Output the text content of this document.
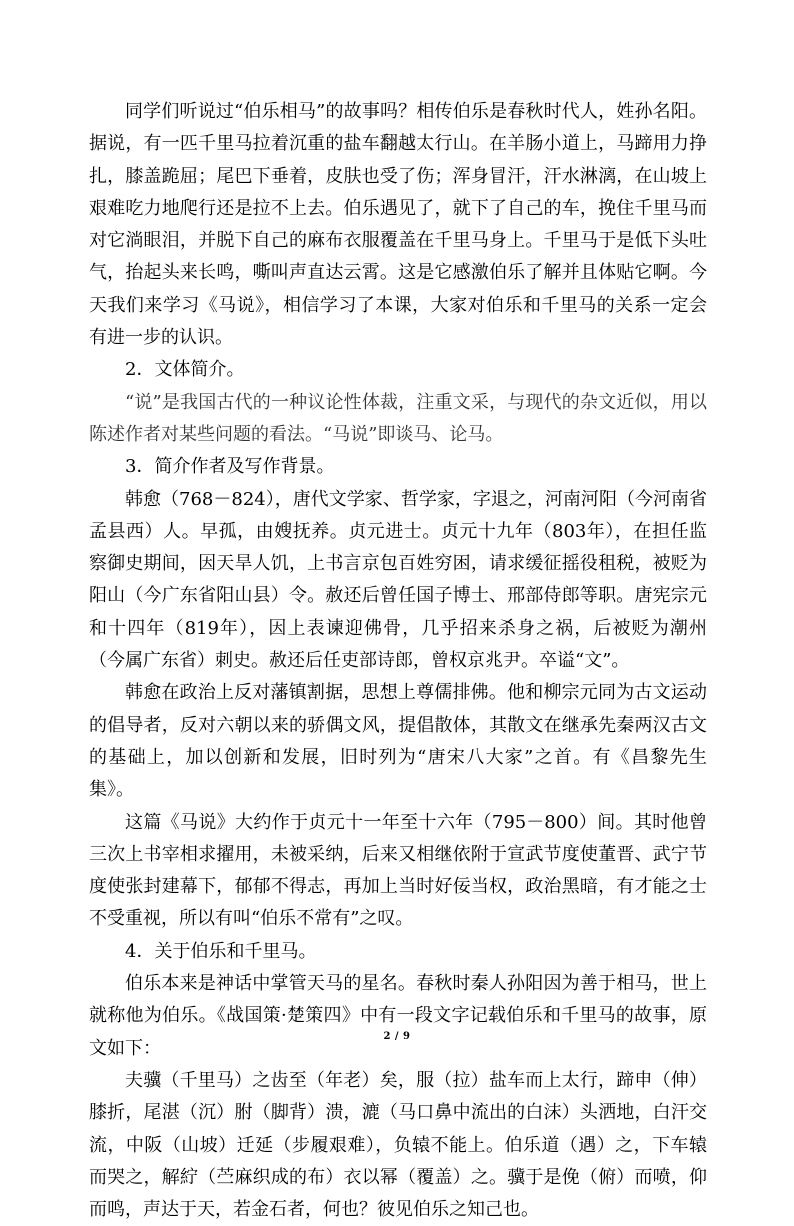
同学们听说过“伯乐相马”的故事吗？相传伯乐是春秋时代人，姓孙名阳。据说，有一匹千里马拉着沉重的盐车翻越太行山。在羊肠小道上，马蹄用力挣扎，膝盖跪屈；尾巴下垂着，皮肤也受了伤；浑身冒汗，汗水淋漓，在山坡上艰难吃力地爬行还是拉不上去。伯乐遇见了，就下了自己的车，挽住千里马而对它淌眼泪，并脱下自己的麻布衣服覆盖在千里马身上。千里马于是低下头吐气，抬起头来长鸣，嘶叫声直达云霄。这是它感激伯乐了解并且体贴它啊。今天我们来学习《马说》，相信学习了本课，大家对伯乐和千里马的关系一定会有进一步的认识。

2．文体简介。

“说”是我国古代的一种议论性体裁，注重文采，与现代的杂文近似，用以陈述作者对某些问题的看法。“马说”即谈马、论马。

3．简介作者及写作背景。

韩愈（768－824），唐代文学家、哲学家，字退之，河南河阳（今河南省孟县西）人。早孤，由嫂抚养。贞元进士。贞元十九年（803年），在担任监察御史期间，因天旱人饥，上书言京包百姓穷困，请求缓征摇役租税，被贬为阳山（今广东省阳山县）令。赦还后曾任国子博士、邢部侍郎等职。唐宪宗元和十四年（819年），因上表谏迎佛骨，几乎招来杀身之祸，后被贬为潮州（今属广东省）刺史。赦还后任吏部诗郎，曾权京兆尹。卒谥“文”。

韩愈在政治上反对藩镇割据，思想上尊儒排佛。他和柳宗元同为古文运动的倡导者，反对六朝以来的骄偶文风，提倡散体，其散文在继承先秦两汉古文的基础上，加以创新和发展，旧时列为“唐宋八大家”之首。有《昌黎先生集》。

这篇《马说》大约作于贞元十一年至十六年（795－800）间。其时他曾三次上书宰相求擢用，未被采纳，后来又相继依附于宣武节度使董晋、武宁节度使张封建幕下，郁郁不得志，再加上当时好佞当权，政治黑暗，有才能之士不受重视，所以有叫“伯乐不常有”之叹。

4．关于伯乐和千里马。

伯乐本来是神话中掌管天马的星名。春秋时秦人孙阳因为善于相马，世上就称他为伯乐。《战国策·楚策四》中有一段文字记载伯乐和千里马的故事，原文如下：

夫骥（千里马）之齿至（年老）矣，服（拉）盐车而上太行，蹄申（伸）膝折，尾湛（沉）胕（脚背）溃，漉（马口鼻中流出的白沫）头洒地，白汗交流，中阪（山坡）迁延（步履艰难），负辕不能上。伯乐道（遇）之，下车辕而哭之，解紵（苎麻织成的布）衣以幂（覆盖）之。骥于是俛（俯）而喷，仰而鸣，声达于天，若金石者，何也？彼见伯乐之知己也。

2 / 9
